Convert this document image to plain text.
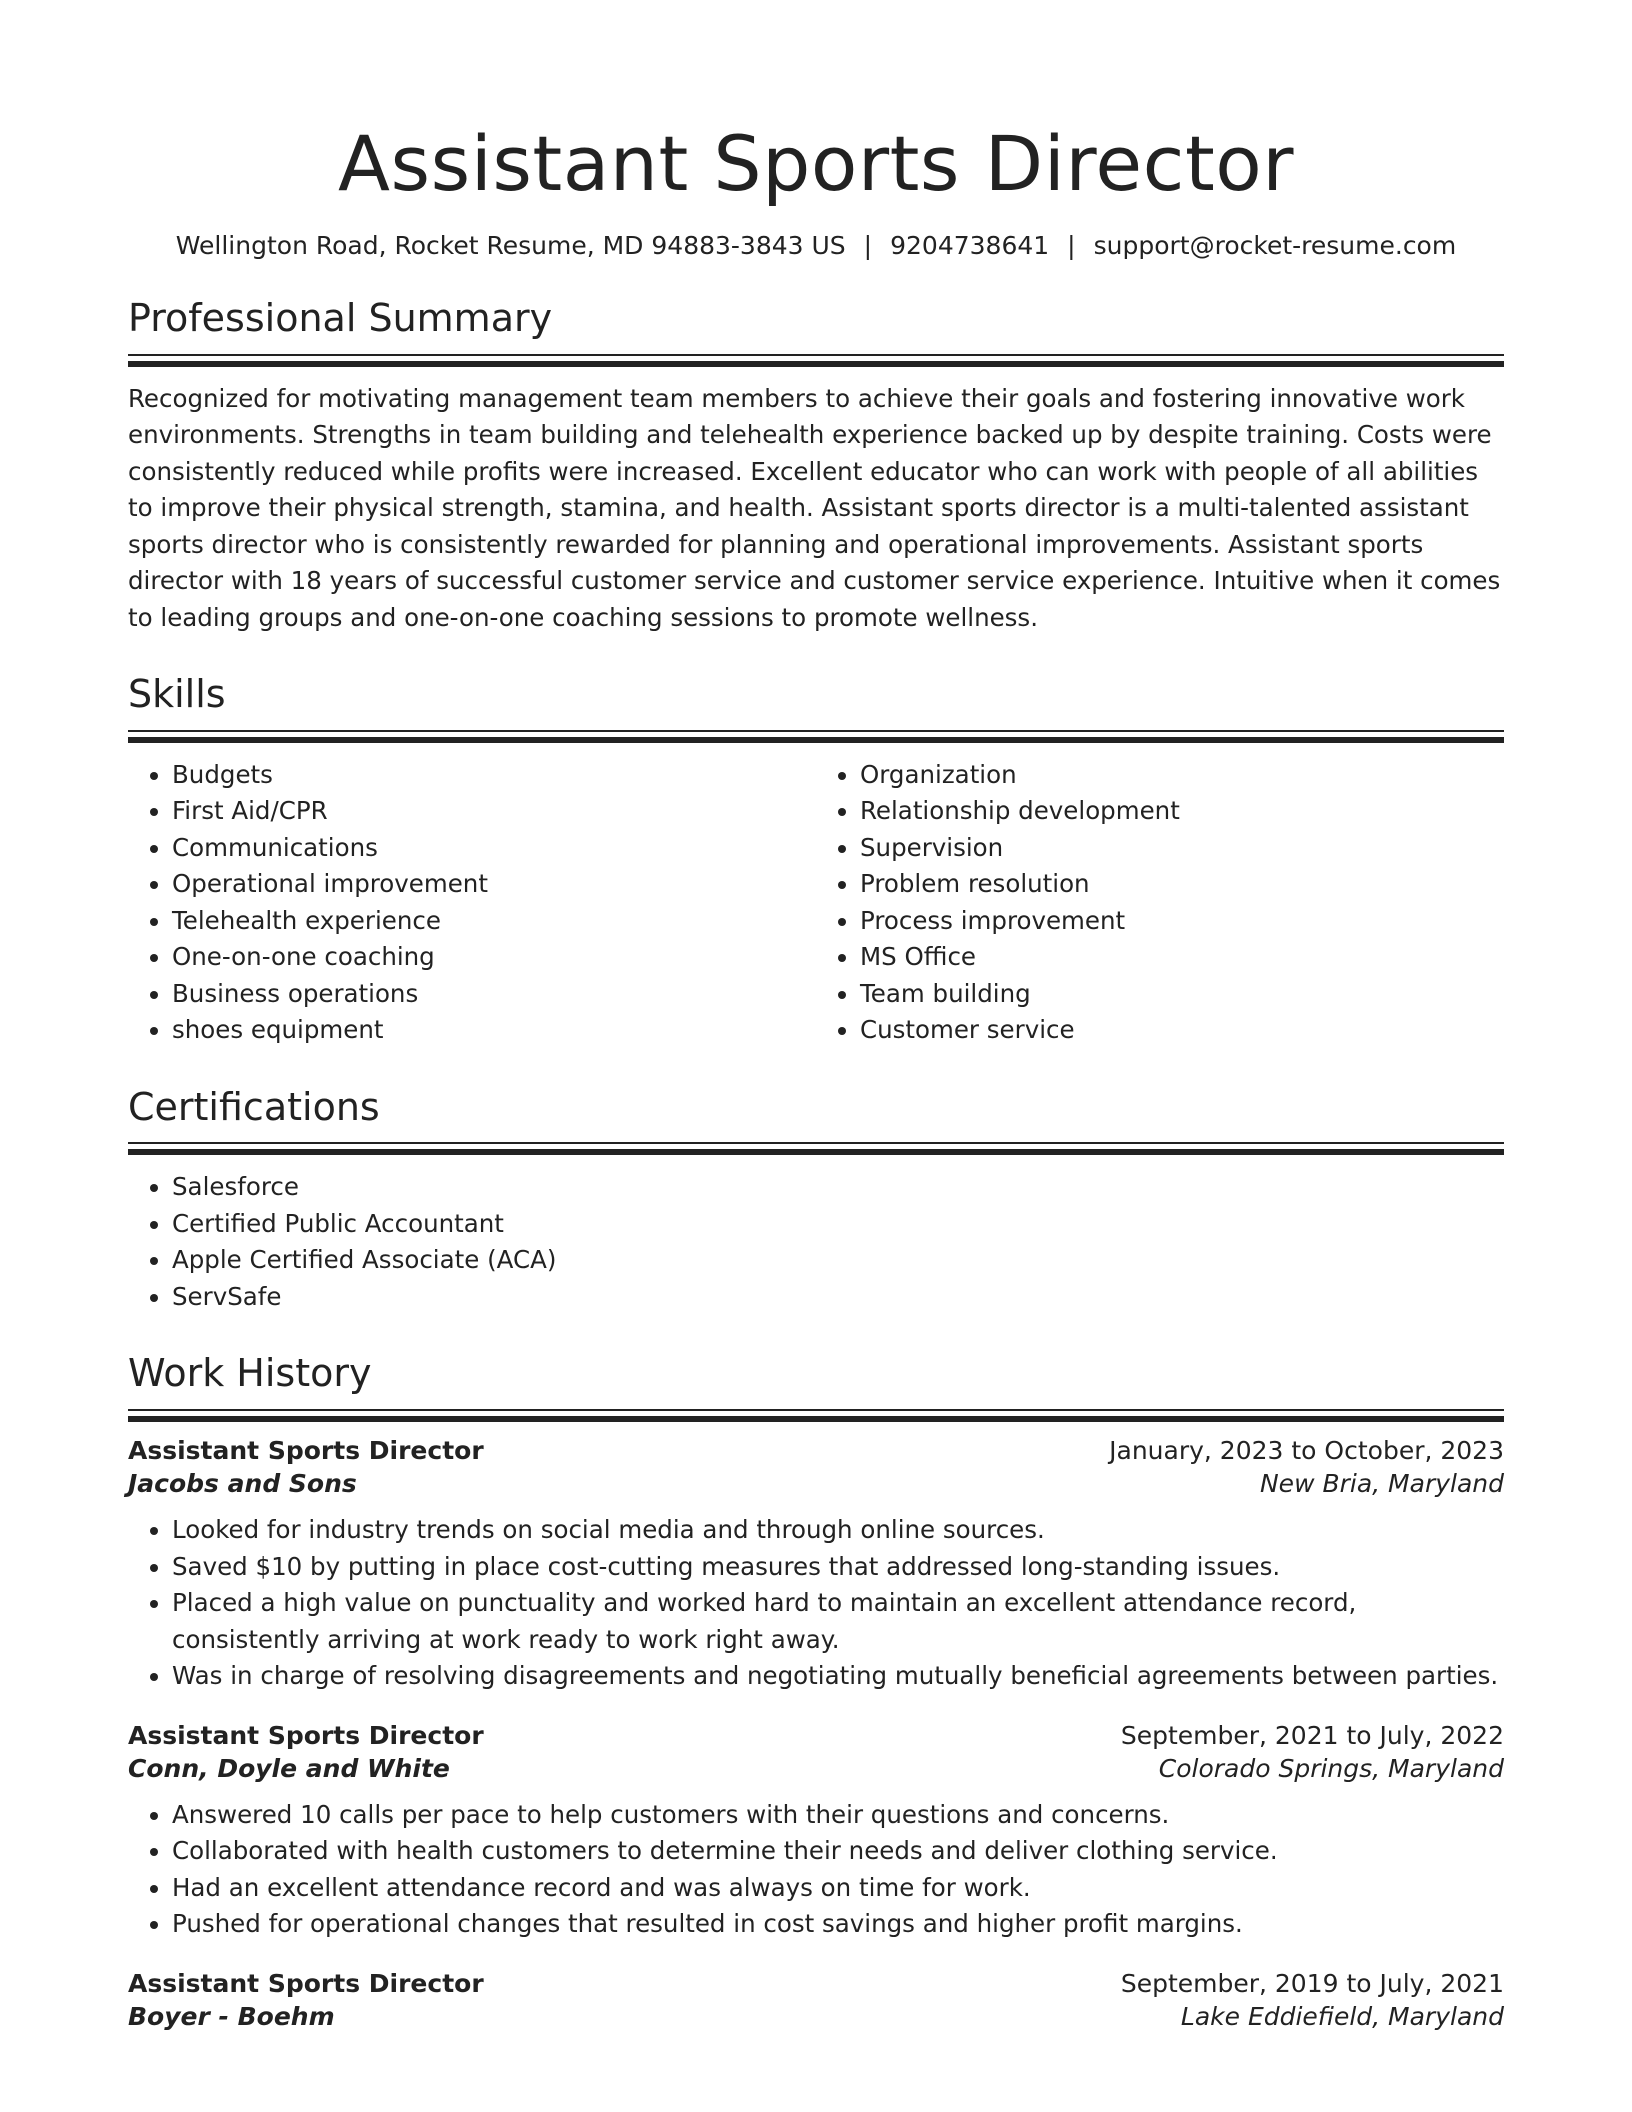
Assistant Sports Director
Wellington Road, Rocket Resume, MD 94883-3843 US | 9204738641 | support@rocket-resume.com
Professional Summary

Recognized for motivating management team members to achieve their goals and fostering innovative work environments. Strengths in team building and telehealth experience backed up by despite training. Costs were consistently reduced while profits were increased. Excellent educator who can work with people of all abilities to improve their physical strength, stamina, and health. Assistant sports director is a multi-talented assistant sports director who is consistently rewarded for planning and operational improvements. Assistant sports director with 18 years of successful customer service and customer service experience. Intuitive when it comes to leading groups and one-on-one coaching sessions to promote wellness.

Skills
• Budgets
• First Aid/CPR
• Communications
• Operational improvement
• Telehealth experience
• One-on-one coaching
• Business operations
• shoes equipment
• Organization
• Relationship development
• Supervision
• Problem resolution
• Process improvement
• MS Office
• Team building
• Customer service
Certifications
• Salesforce
• Certified Public Accountant
• Apple Certified Associate (ACA)
• ServSafe
Work History
Assistant Sports Director	January, 2023 to October, 2023
Jacobs and Sons	New Bria, Maryland
• Looked for industry trends on social media and through online sources.
• Saved $10 by putting in place cost-cutting measures that addressed long-standing issues.
• Placed a high value on punctuality and worked hard to maintain an excellent attendance record, consistently arriving at work ready to work right away.
• Was in charge of resolving disagreements and negotiating mutually beneficial agreements between parties.
Assistant Sports Director	September, 2021 to July, 2022
Conn, Doyle and White	Colorado Springs, Maryland
• Answered 10 calls per pace to help customers with their questions and concerns.
• Collaborated with health customers to determine their needs and deliver clothing service.
• Had an excellent attendance record and was always on time for work.
• Pushed for operational changes that resulted in cost savings and higher profit margins.
Assistant Sports Director	September, 2019 to July, 2021
Boyer - Boehm	Lake Eddiefield, Maryland
